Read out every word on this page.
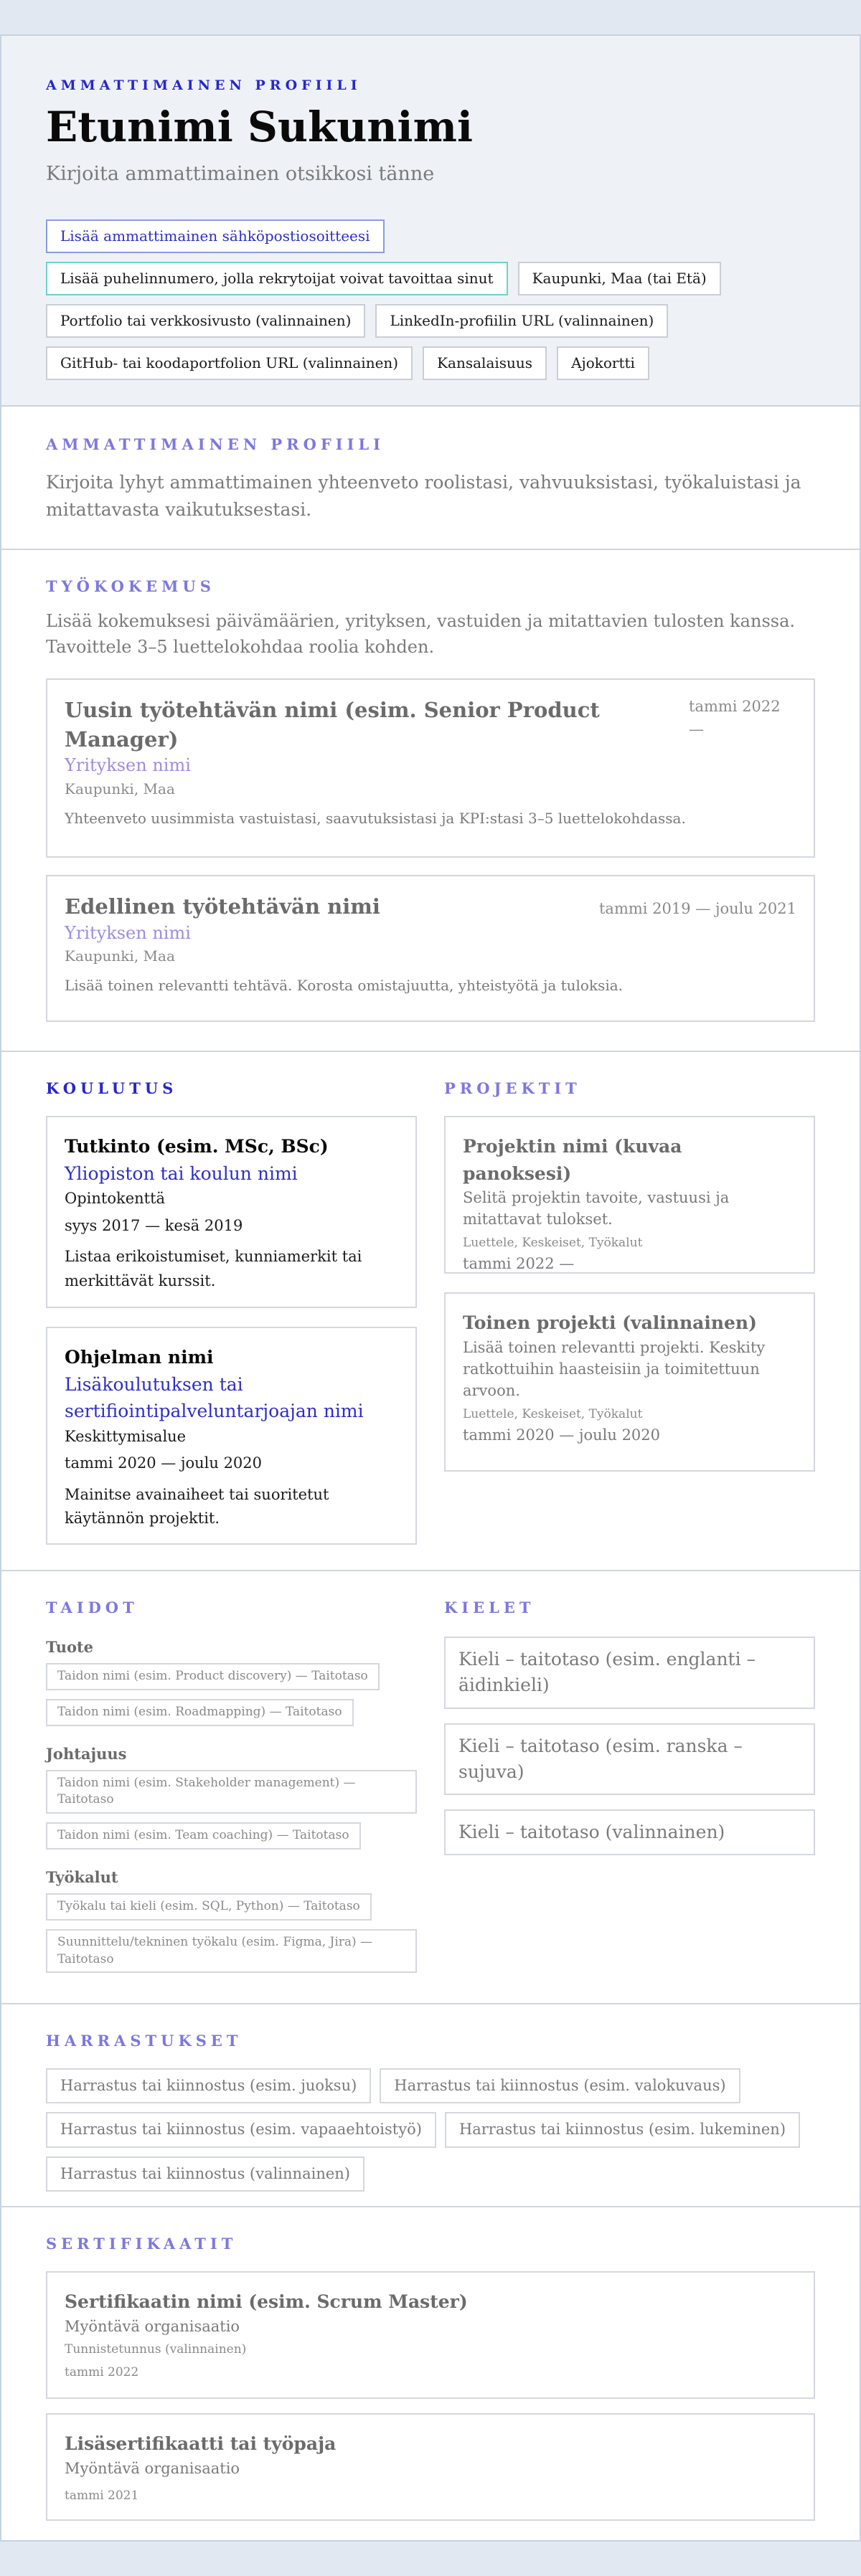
AMMATTIMAINEN PROFIILI
Etunimi Sukunimi
Kirjoita ammattimainen otsikkosi tänne
Lisää ammattimainen sähköpostiosoitteesi
Lisää puhelinnumero, jolla rekrytoijat voivat tavoittaa sinut	Kaupunki, Maa (tai Etä)
Portfolio tai verkkosivusto (valinnainen)	LinkedIn-profiilin URL (valinnainen)
GitHub- tai koodaportfolion URL (valinnainen)	Kansalaisuus	Ajokortti
AMMATTIMAINEN PROFIILI
Kirjoita lyhyt ammattimainen yhteenveto roolistasi, vahvuuksistasi, työkaluistasi ja mitattavasta vaikutuksestasi.
TYÖKOKEMUS
Lisää kokemuksesi päivämäärien, yrityksen, vastuiden ja mitattavien tulosten kanssa. Tavoittele 3–5 luettelokohdaa roolia kohden.
Uusin työtehtävän nimi (esim. Senior Product Manager)
tammi 2022 —
Yrityksen nimi
Kaupunki, Maa
Yhteenveto uusimmista vastuistasi, saavutuksistasi ja KPI:stasi 3–5 luettelokohdassa.
Edellinen työtehtävän nimi	tammi 2019 — joulu 2021
Yrityksen nimi
Kaupunki, Maa
Lisää toinen relevantti tehtävä. Korosta omistajuutta, yhteistyötä ja tuloksia.
KOULUTUS
Tutkinto (esim. MSc, BSc)
Yliopiston tai koulun nimi
Opintokenttä
syys 2017 — kesä 2019
Listaa erikoistumiset, kunniamerkit tai merkittävät kurssit.
Ohjelman nimi
Lisäkoulutuksen tai sertifiointipalveluntarjoajan nimi
Keskittymisalue
tammi 2020 — joulu 2020
Mainitse avainaiheet tai suoritetut käytännön projektit.
PROJEKTIT
Projektin nimi (kuvaa panoksesi)
Selitä projektin tavoite, vastuusi ja mitattavat tulokset.
Luettele, Keskeiset, Työkalut
tammi 2022 —
Toinen projekti (valinnainen)
Lisää toinen relevantti projekti. Keskity ratkottuihin haasteisiin ja toimitettuun arvoon.
Luettele, Keskeiset, Työkalut
tammi 2020 — joulu 2020
TAIDOT
Tuote
Taidon nimi (esim. Product discovery) — Taitotaso
Taidon nimi (esim. Roadmapping) — Taitotaso
Johtajuus
Taidon nimi (esim. Stakeholder management) — Taitotaso
Taidon nimi (esim. Team coaching) — Taitotaso
Työkalut
Työkalu tai kieli (esim. SQL, Python) — Taitotaso
Suunnittelu/tekninen työkalu (esim. Figma, Jira) — Taitotaso
KIELET
Kieli – taitotaso (esim. englanti – äidinkieli)
Kieli – taitotaso (esim. ranska – sujuva)
Kieli – taitotaso (valinnainen)
HARRASTUKSET
Harrastus tai kiinnostus (esim. juoksu)	Harrastus tai kiinnostus (esim. valokuvaus)
Harrastus tai kiinnostus (esim. vapaaehtoistyö)	Harrastus tai kiinnostus (esim. lukeminen)
Harrastus tai kiinnostus (valinnainen)
SERTIFIKAATIT
Sertifikaatin nimi (esim. Scrum Master)
Myöntävä organisaatio
Tunnistetunnus (valinnainen)
tammi 2022
Lisäsertifikaatti tai työpaja
Myöntävä organisaatio
tammi 2021
